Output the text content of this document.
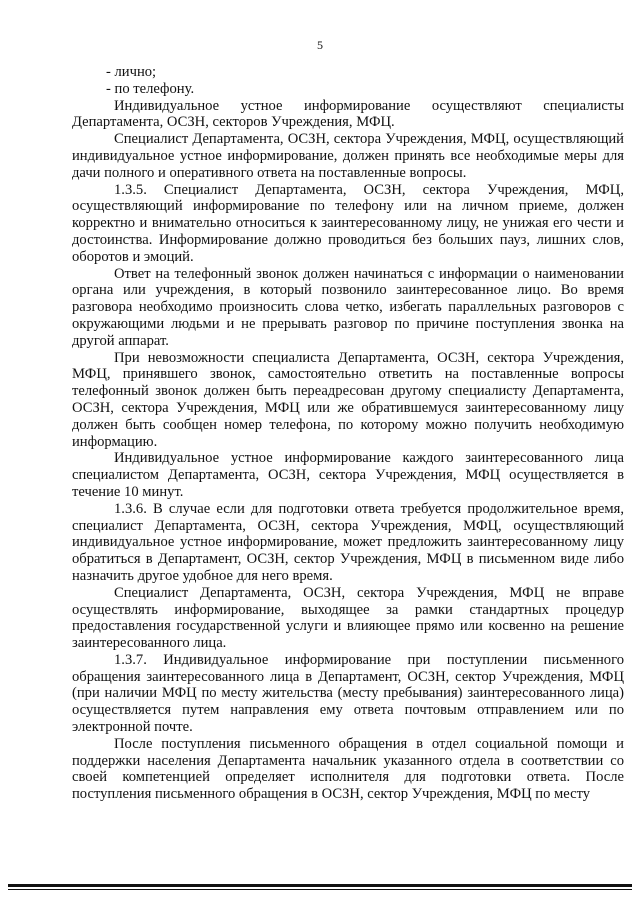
5

- лично;

- по телефону.

Индивидуальное устное информирование осуществляют специалисты Департамента, ОСЗН, секторов Учреждения, МФЦ.

Специалист Департамента, ОСЗН, сектора Учреждения, МФЦ, осуществляющий индивидуальное устное информирование, должен принять все необходимые меры для дачи полного и оперативного ответа на поставленные вопросы.

1.3.5. Специалист Департамента, ОСЗН, сектора Учреждения, МФЦ, осуществляющий информирование по телефону или на личном приеме, должен корректно и внимательно относиться к заинтересованному лицу, не унижая его чести и достоинства. Информирование должно проводиться без больших пауз, лишних слов, оборотов и эмоций.

Ответ на телефонный звонок должен начинаться с информации о наименовании органа или учреждения, в который позвонило заинтересованное лицо. Во время разговора необходимо произносить слова четко, избегать параллельных разговоров с окружающими людьми и не прерывать разговор по причине поступления звонка на другой аппарат.

При невозможности специалиста Департамента, ОСЗН, сектора Учреждения, МФЦ, принявшего звонок, самостоятельно ответить на поставленные вопросы телефонный звонок должен быть переадресован другому специалисту Департамента, ОСЗН, сектора Учреждения, МФЦ или же обратившемуся заинтересованному лицу должен быть сообщен номер телефона, по которому можно получить необходимую информацию.

Индивидуальное устное информирование каждого заинтересованного лица специалистом Департамента, ОСЗН, сектора Учреждения, МФЦ осуществляется в течение 10 минут.

1.3.6. В случае если для подготовки ответа требуется продолжительное время, специалист Департамента, ОСЗН, сектора Учреждения, МФЦ, осуществляющий индивидуальное устное информирование, может предложить заинтересованному лицу обратиться в Департамент, ОСЗН, сектор Учреждения, МФЦ в письменном виде либо назначить другое удобное для него время.

Специалист Департамента, ОСЗН, сектора Учреждения, МФЦ не вправе осуществлять информирование, выходящее за рамки стандартных процедур предоставления государственной услуги и влияющее прямо или косвенно на решение заинтересованного лица.

1.3.7. Индивидуальное информирование при поступлении письменного обращения заинтересованного лица в Департамент, ОСЗН, сектор Учреждения, МФЦ (при наличии МФЦ по месту жительства (месту пребывания) заинтересованного лица) осуществляется путем направления ему ответа почтовым отправлением или по электронной почте.

После поступления письменного обращения в отдел социальной помощи и поддержки населения Департамента начальник указанного отдела в соответствии со своей компетенцией определяет исполнителя для подготовки ответа. После поступления письменного обращения в ОСЗН, сектор Учреждения, МФЦ по месту
